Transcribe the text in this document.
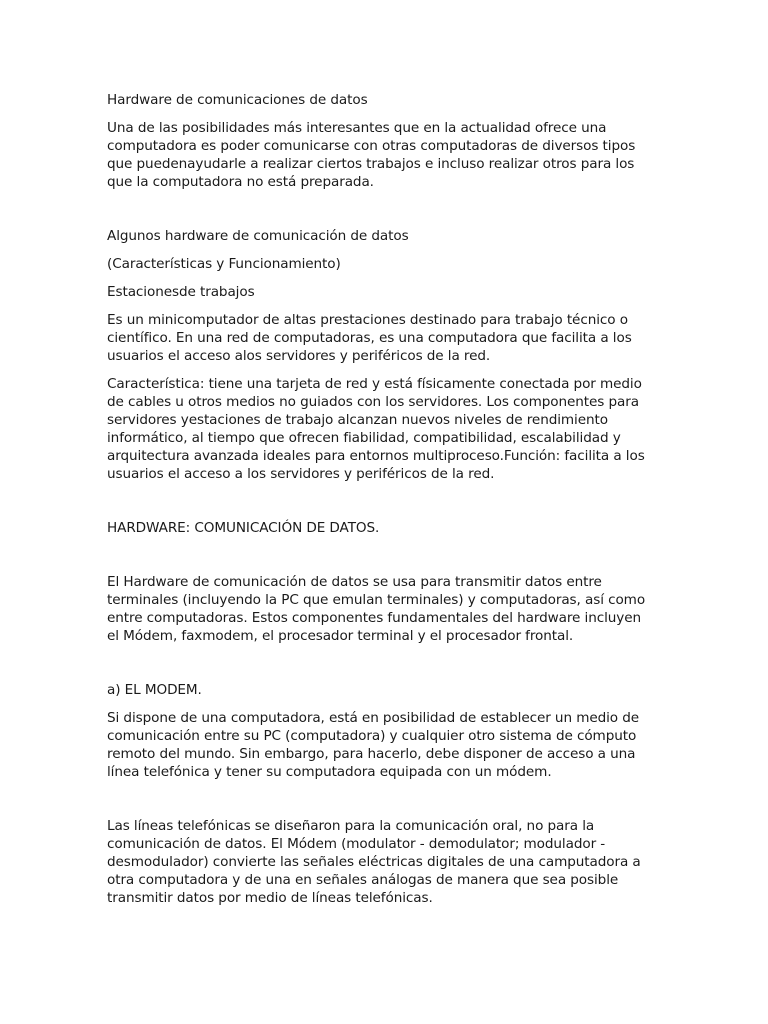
Hardware de comunicaciones de datos

Una de las posibilidades más interesantes que en la actualidad ofrece una
computadora es poder comunicarse con otras computadoras de diversos tipos
que puedenayudarle a realizar ciertos trabajos e incluso realizar otros para los
que la computadora no está preparada.

Algunos hardware de comunicación de datos

(Características y Funcionamiento)

Estacionesde trabajos

Es un minicomputador de altas prestaciones destinado para trabajo técnico o
científico. En una red de computadoras, es una computadora que facilita a los
usuarios el acceso alos servidores y periféricos de la red.

Característica: tiene una tarjeta de red y está físicamente conectada por medio
de cables u otros medios no guiados con los servidores. Los componentes para
servidores yestaciones de trabajo alcanzan nuevos niveles de rendimiento
informático, al tiempo que ofrecen fiabilidad, compatibilidad, escalabilidad y
arquitectura avanzada ideales para entornos multiproceso.Función: facilita a los
usuarios el acceso a los servidores y periféricos de la red.

HARDWARE: COMUNICACIÓN DE DATOS.

El Hardware de comunicación de datos se usa para transmitir datos entre
terminales (incluyendo la PC que emulan terminales) y computadoras, así como
entre computadoras. Estos componentes fundamentales del hardware incluyen
el Módem, faxmodem, el procesador terminal y el procesador frontal.

a) EL MODEM.

Si dispone de una computadora, está en posibilidad de establecer un medio de
comunicación entre su PC (computadora) y cualquier otro sistema de cómputo
remoto del mundo. Sin embargo, para hacerlo, debe disponer de acceso a una
línea telefónica y tener su computadora equipada con un módem.

Las líneas telefónicas se diseñaron para la comunicación oral, no para la
comunicación de datos. El Módem (modulator - demodulator; modulador -
desmodulador) convierte las señales eléctricas digitales de una camputadora a
otra computadora y de una en señales análogas de manera que sea posible
transmitir datos por medio de líneas telefónicas.
